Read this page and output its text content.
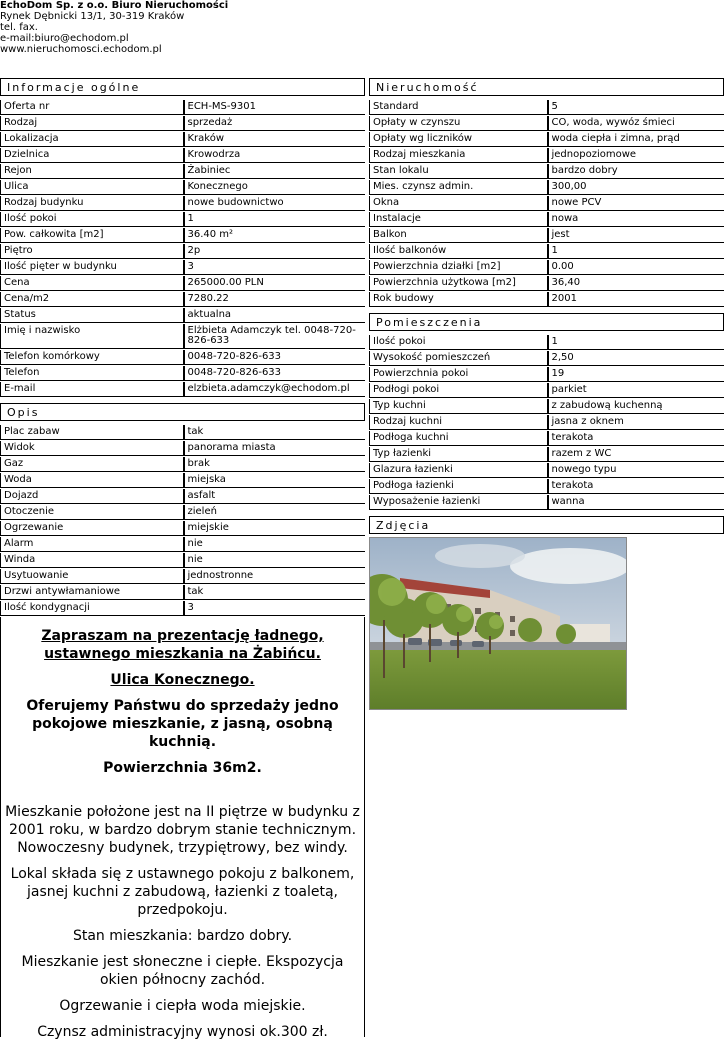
EchoDom Sp. z o.o. Biuro Nieruchomości
Rynek Dębnicki 13/1, 30-319 Kraków
tel. fax.
e-mail:biuro@echodom.pl
www.nieruchomosci.echodom.pl
Informacje ogólne
Oferta nr	ECH-MS-9301
Rodzaj	sprzedaż
Lokalizacja	Kraków
Dzielnica	Krowodrza
Rejon	Żabiniec
Ulica	Konecznego
Rodzaj budynku	nowe budownictwo
Ilość pokoi	1
Pow. całkowita [m2]	36.40 m²
Piętro	2p
Ilość pięter w budynku	3
Cena	265000.00 PLN
Cena/m2	7280.22
Status	aktualna
Imię i nazwisko	Elżbieta Adamczyk tel. 0048-720-826-633
Telefon komórkowy	0048-720-826-633
Telefon	0048-720-826-633
E-mail	elzbieta.adamczyk@echodom.pl
Opis
Plac zabaw	tak
Widok	panorama miasta
Gaz	brak
Woda	miejska
Dojazd	asfalt
Otoczenie	zieleń
Ogrzewanie	miejskie
Alarm	nie
Winda	nie
Usytuowanie	jednostronne
Drzwi antywłamaniowe	tak
Ilość kondygnacji	3

Zapraszam na prezentację ładnego, ustawnego mieszkania na Żabińcu.

Ulica Konecznego.

Oferujemy Państwu do sprzedaży jedno pokojowe mieszkanie, z jasną, osobną kuchnią.

Powierzchnia 36m2.

Mieszkanie położone jest na II piętrze w budynku z 2001 roku, w bardzo dobrym stanie technicznym. Nowoczesny budynek, trzypiętrowy, bez windy.

Lokal składa się z ustawnego pokoju z balkonem, jasnej kuchni z zabudową, łazienki z toaletą, przedpokoju.

Stan mieszkania: bardzo dobry.

Mieszkanie jest słoneczne i ciepłe. Ekspozycja okien północny zachód.

Ogrzewanie i ciepła woda miejskie.

Czynsz administracyjny wynosi ok.300 zł.

Nieruchomość
Standard	5
Opłaty w czynszu	CO, woda, wywóz śmieci
Opłaty wg liczników	woda ciepła i zimna, prąd
Rodzaj mieszkania	jednopoziomowe
Stan lokalu	bardzo dobry
Mies. czynsz admin.	300,00
Okna	nowe PCV
Instalacje	nowa
Balkon	jest
Ilość balkonów	1
Powierzchnia działki [m2]	0.00
Powierzchnia użytkowa [m2]	36,40
Rok budowy	2001
Pomieszczenia
Ilość pokoi	1
Wysokość pomieszczeń	2,50
Powierzchnia pokoi	19
Podłogi pokoi	parkiet
Typ kuchni	z zabudową kuchenną
Rodzaj kuchni	jasna z oknem
Podłoga kuchni	terakota
Typ łazienki	razem z WC
Glazura łazienki	nowego typu
Podłoga łazienki	terakota
Wyposażenie łazienki	wanna
Zdjęcia
